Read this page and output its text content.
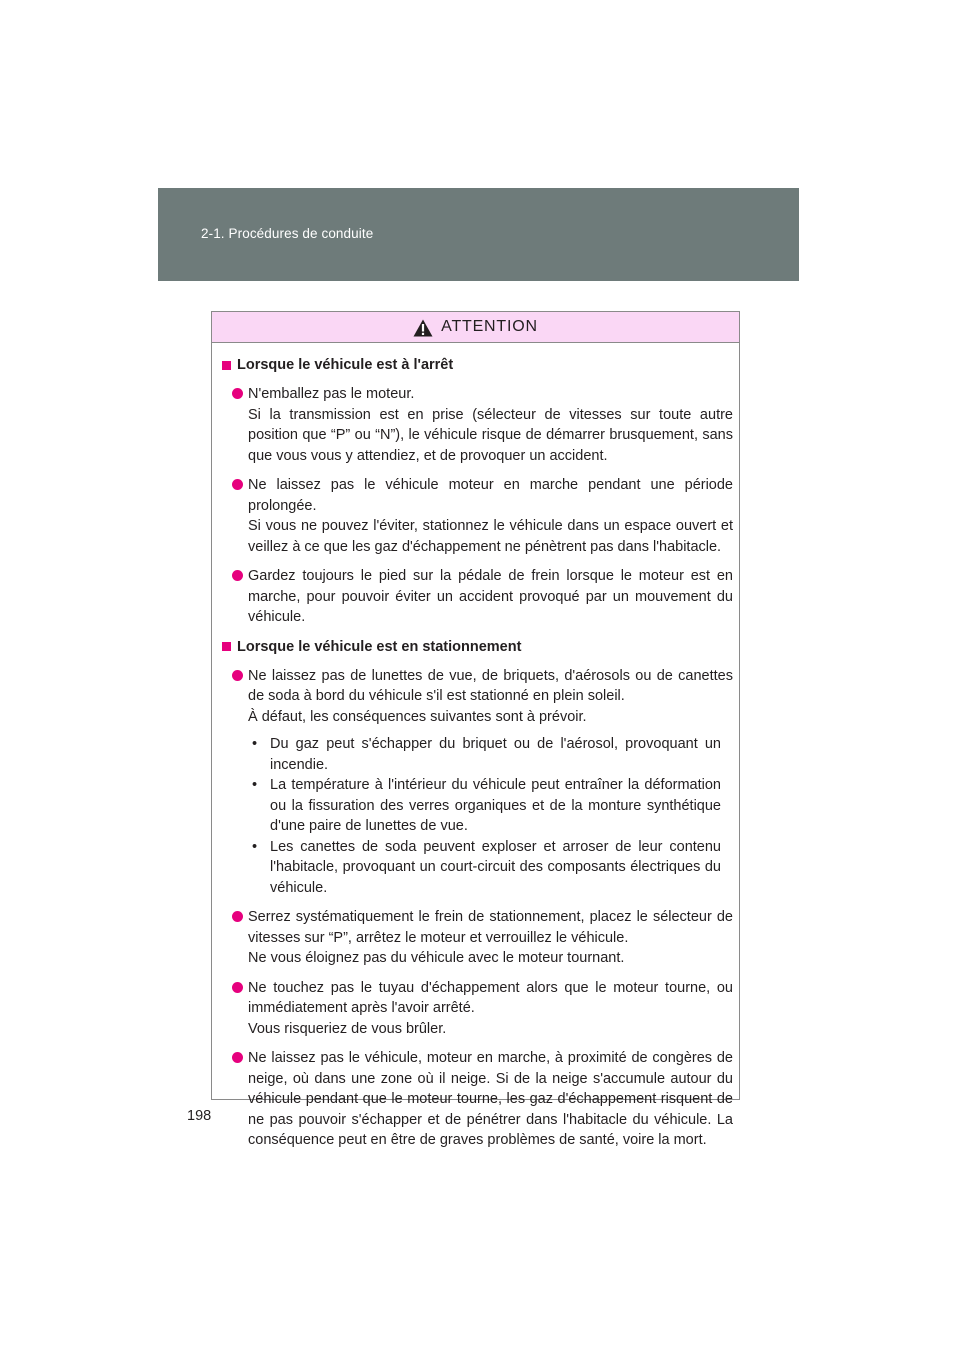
2-1. Procédures de conduite
ATTENTION
Lorsque le véhicule est à l'arrêt
N'emballez pas le moteur.
Si la transmission est en prise (sélecteur de vitesses sur toute autre position que “P” ou “N”), le véhicule risque de démarrer brusquement, sans que vous vous y attendiez, et de provoquer un accident.
Ne laissez pas le véhicule moteur en marche pendant une période prolongée.
Si vous ne pouvez l'éviter, stationnez le véhicule dans un espace ouvert et veillez à ce que les gaz d'échappement ne pénètrent pas dans l'habitacle.
Gardez toujours le pied sur la pédale de frein lorsque le moteur est en marche, pour pouvoir éviter un accident provoqué par un mouvement du véhicule.
Lorsque le véhicule est en stationnement
Ne laissez pas de lunettes de vue, de briquets, d'aérosols ou de canettes de soda à bord du véhicule s'il est stationné en plein soleil.
À défaut, les conséquences suivantes sont à prévoir.
• Du gaz peut s'échapper du briquet ou de l'aérosol, provoquant un incendie.
• La température à l'intérieur du véhicule peut entraîner la déformation ou la fissuration des verres organiques et de la monture synthétique d'une paire de lunettes de vue.
• Les canettes de soda peuvent exploser et arroser de leur contenu l'habitacle, provoquant un court-circuit des composants électriques du véhicule.
Serrez systématiquement le frein de stationnement, placez le sélecteur de vitesses sur “P”, arrêtez le moteur et verrouillez le véhicule.
Ne vous éloignez pas du véhicule avec le moteur tournant.
Ne touchez pas le tuyau d'échappement alors que le moteur tourne, ou immédiatement après l'avoir arrêté.
Vous risqueriez de vous brûler.
Ne laissez pas le véhicule, moteur en marche, à proximité de congères de neige, où dans une zone où il neige. Si de la neige s'accumule autour du véhicule pendant que le moteur tourne, les gaz d'échappement risquent de ne pas pouvoir s'échapper et de pénétrer dans l'habitacle du véhicule. La conséquence peut en être de graves problèmes de santé, voire la mort.
198
